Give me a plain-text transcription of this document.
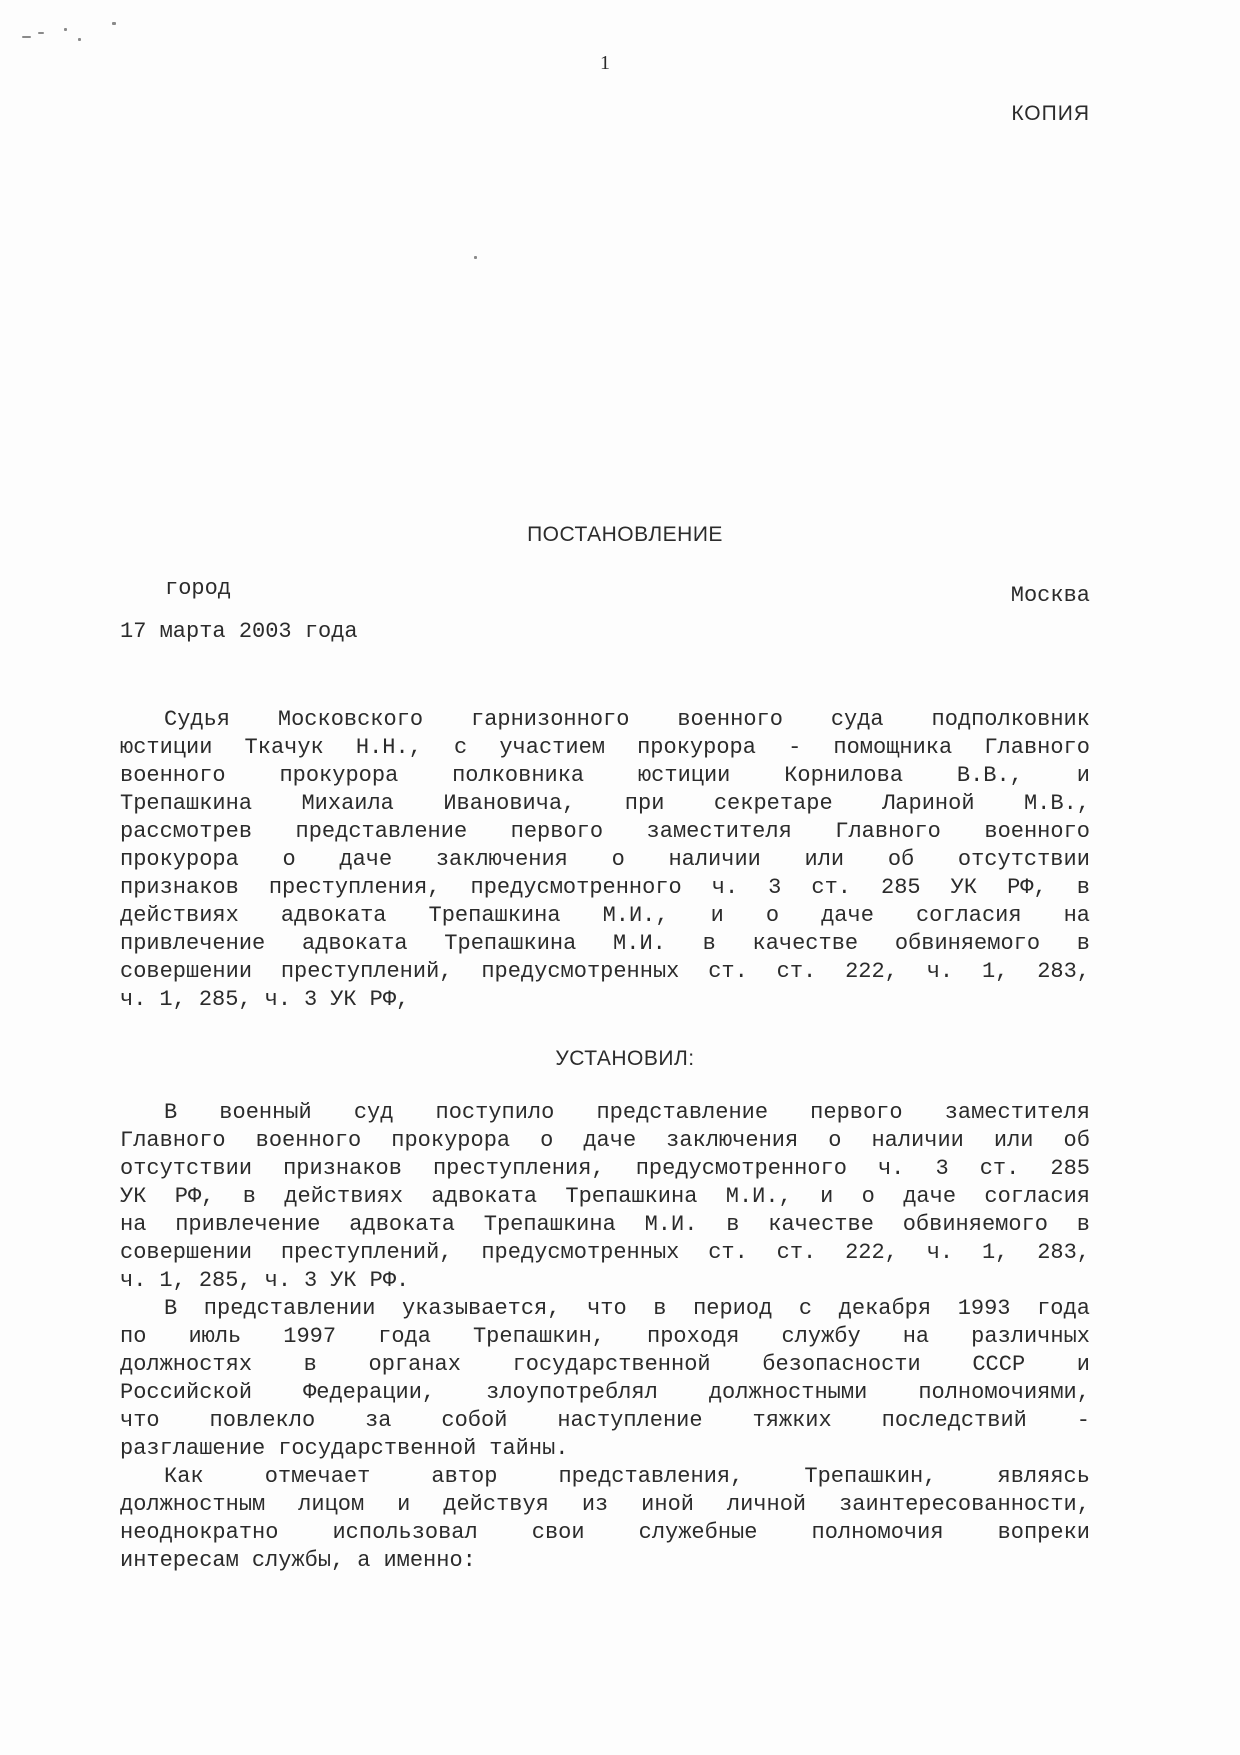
1
КОПИЯ
ПОСТАНОВЛЕНИЕ
город	Москва
17 марта 2003 года
Судья Московского гарнизонного военного суда подполковник
юстиции Ткачук Н.Н., с участием прокурора - помощника Главного
военного прокурора полковника юстиции Корнилова В.В., и
Трепашкина Михаила Ивановича, при секретаре Лариной М.В.,
рассмотрев представление первого заместителя Главного военного
прокурора о даче заключения о наличии или об отсутствии
признаков преступления, предусмотренного ч. 3 ст. 285 УК РФ, в
действиях адвоката Трепашкина М.И., и о даче согласия на
привлечение адвоката Трепашкина М.И. в качестве обвиняемого в
совершении преступлений, предусмотренных ст. ст. 222, ч. 1, 283,
ч. 1, 285, ч. 3 УК РФ,
УСТАНОВИЛ:
В военный суд поступило представление первого заместителя
Главного военного прокурора о даче заключения о наличии или об
отсутствии признаков преступления, предусмотренного ч. 3 ст. 285
УК РФ, в действиях адвоката Трепашкина М.И., и о даче согласия
на привлечение адвоката Трепашкина М.И. в качестве обвиняемого в
совершении преступлений, предусмотренных ст. ст. 222, ч. 1, 283,
ч. 1, 285, ч. 3 УК РФ.
В представлении указывается, что в период с декабря 1993 года
по июль 1997 года Трепашкин, проходя службу на различных
должностях в органах государственной безопасности СССР и
Российской Федерации, злоупотреблял должностными полномочиями,
что повлекло за собой наступление тяжких последствий -
разглашение государственной тайны.
Как	отмечает	автор	представления,	Трепашкин,	являясь
должностным лицом и действуя из иной личной заинтересованности,
неоднократно использовал свои служебные полномочия вопреки
интересам службы, а именно:
